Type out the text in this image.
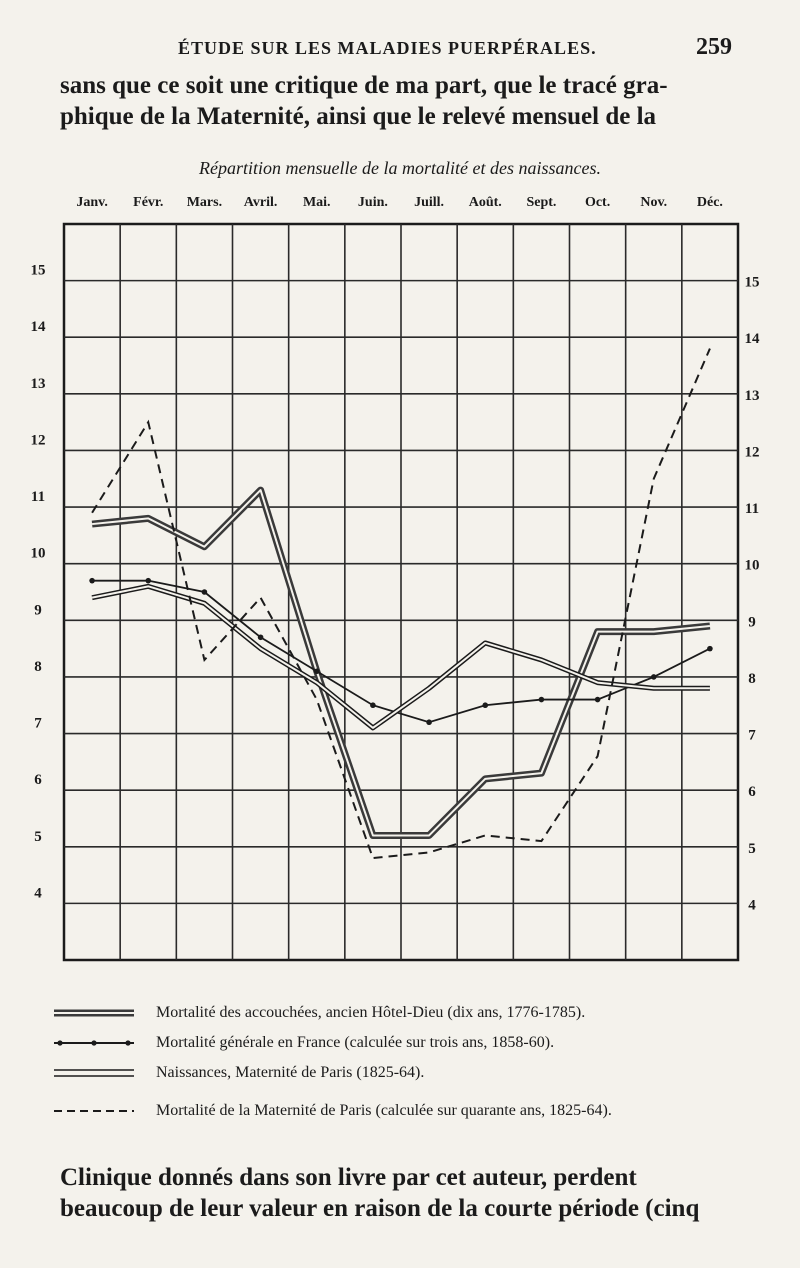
ÉTUDE SUR LES MALADIES PUERPÉRALES.	259
sans que ce soit une critique de ma part, que le tracé gra-
phique de la Maternité, ainsi que le relevé mensuel de la
Répartition mensuelle de la mortalité et des naissances.
Janv. Févr. Mars. Avril. Mai. Juin. Juill. Août. Sept. Oct. Nov. Déc.
15
14
13
12
11
10
9
8
7
6
5
4
15
14
13
12
11
10
9
8
7
6
5
4
Mortalité des accouchées, ancien Hôtel-Dieu (dix ans, 1776-1785).
Mortalité générale en France (calculée sur trois ans, 1858-60).
Naissances, Maternité de Paris (1825-64).
Mortalité de la Maternité de Paris (calculée sur quarante ans, 1825-64).
Clinique donnés dans son livre par cet auteur, perdent
beaucoup de leur valeur en raison de la courte période (cinq
